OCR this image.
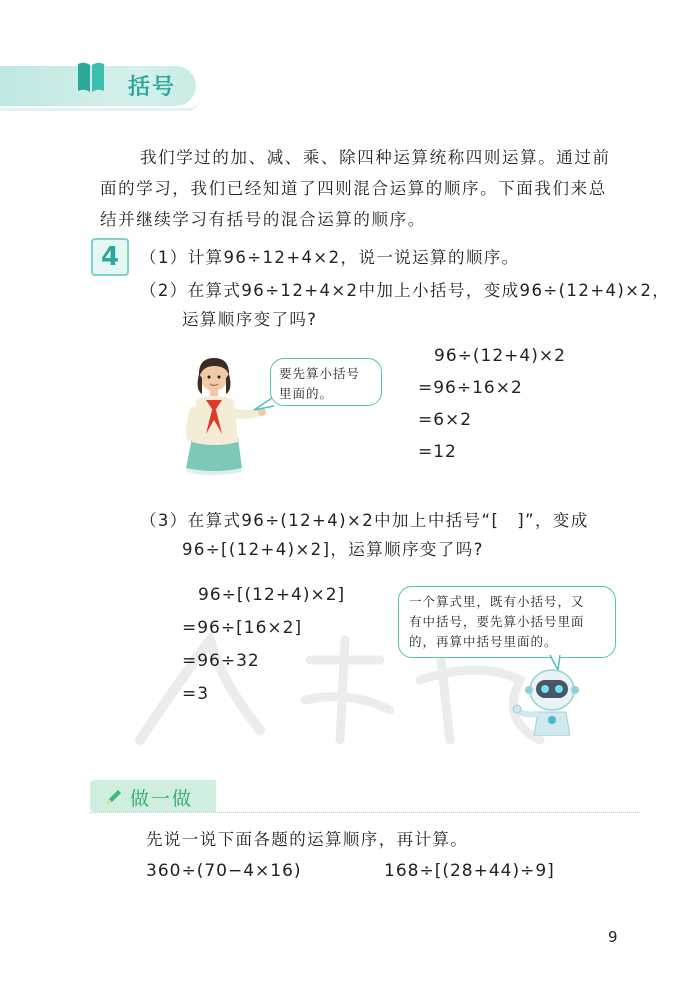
括号
我们学过的加、减、乘、除四种运算统称四则运算。通过前
面的学习，我们已经知道了四则混合运算的顺序。下面我们来总
结并继续学习有括号的混合运算的顺序。
4	（1）计算96÷12+4×2，说一说运算的顺序。
（2）在算式96÷12+4×2中加上小括号，变成96÷(12+4)×2，
运算顺序变了吗?
要先算小括号
里面的。
96÷(12+4)×2
=96÷16×2
=6×2
=12
（3）在算式96÷(12+4)×2中加上中括号“[　]”，变成
96÷[(12+4)×2]，运算顺序变了吗?
96÷[(12+4)×2]
=96÷[16×2]
=96÷32
=3
一个算式里，既有小括号，又
有中括号，要先算小括号里面
的，再算中括号里面的。
做一做
先说一说下面各题的运算顺序，再计算。
360÷(70−4×16)	168÷[(28+44)÷9]
9
